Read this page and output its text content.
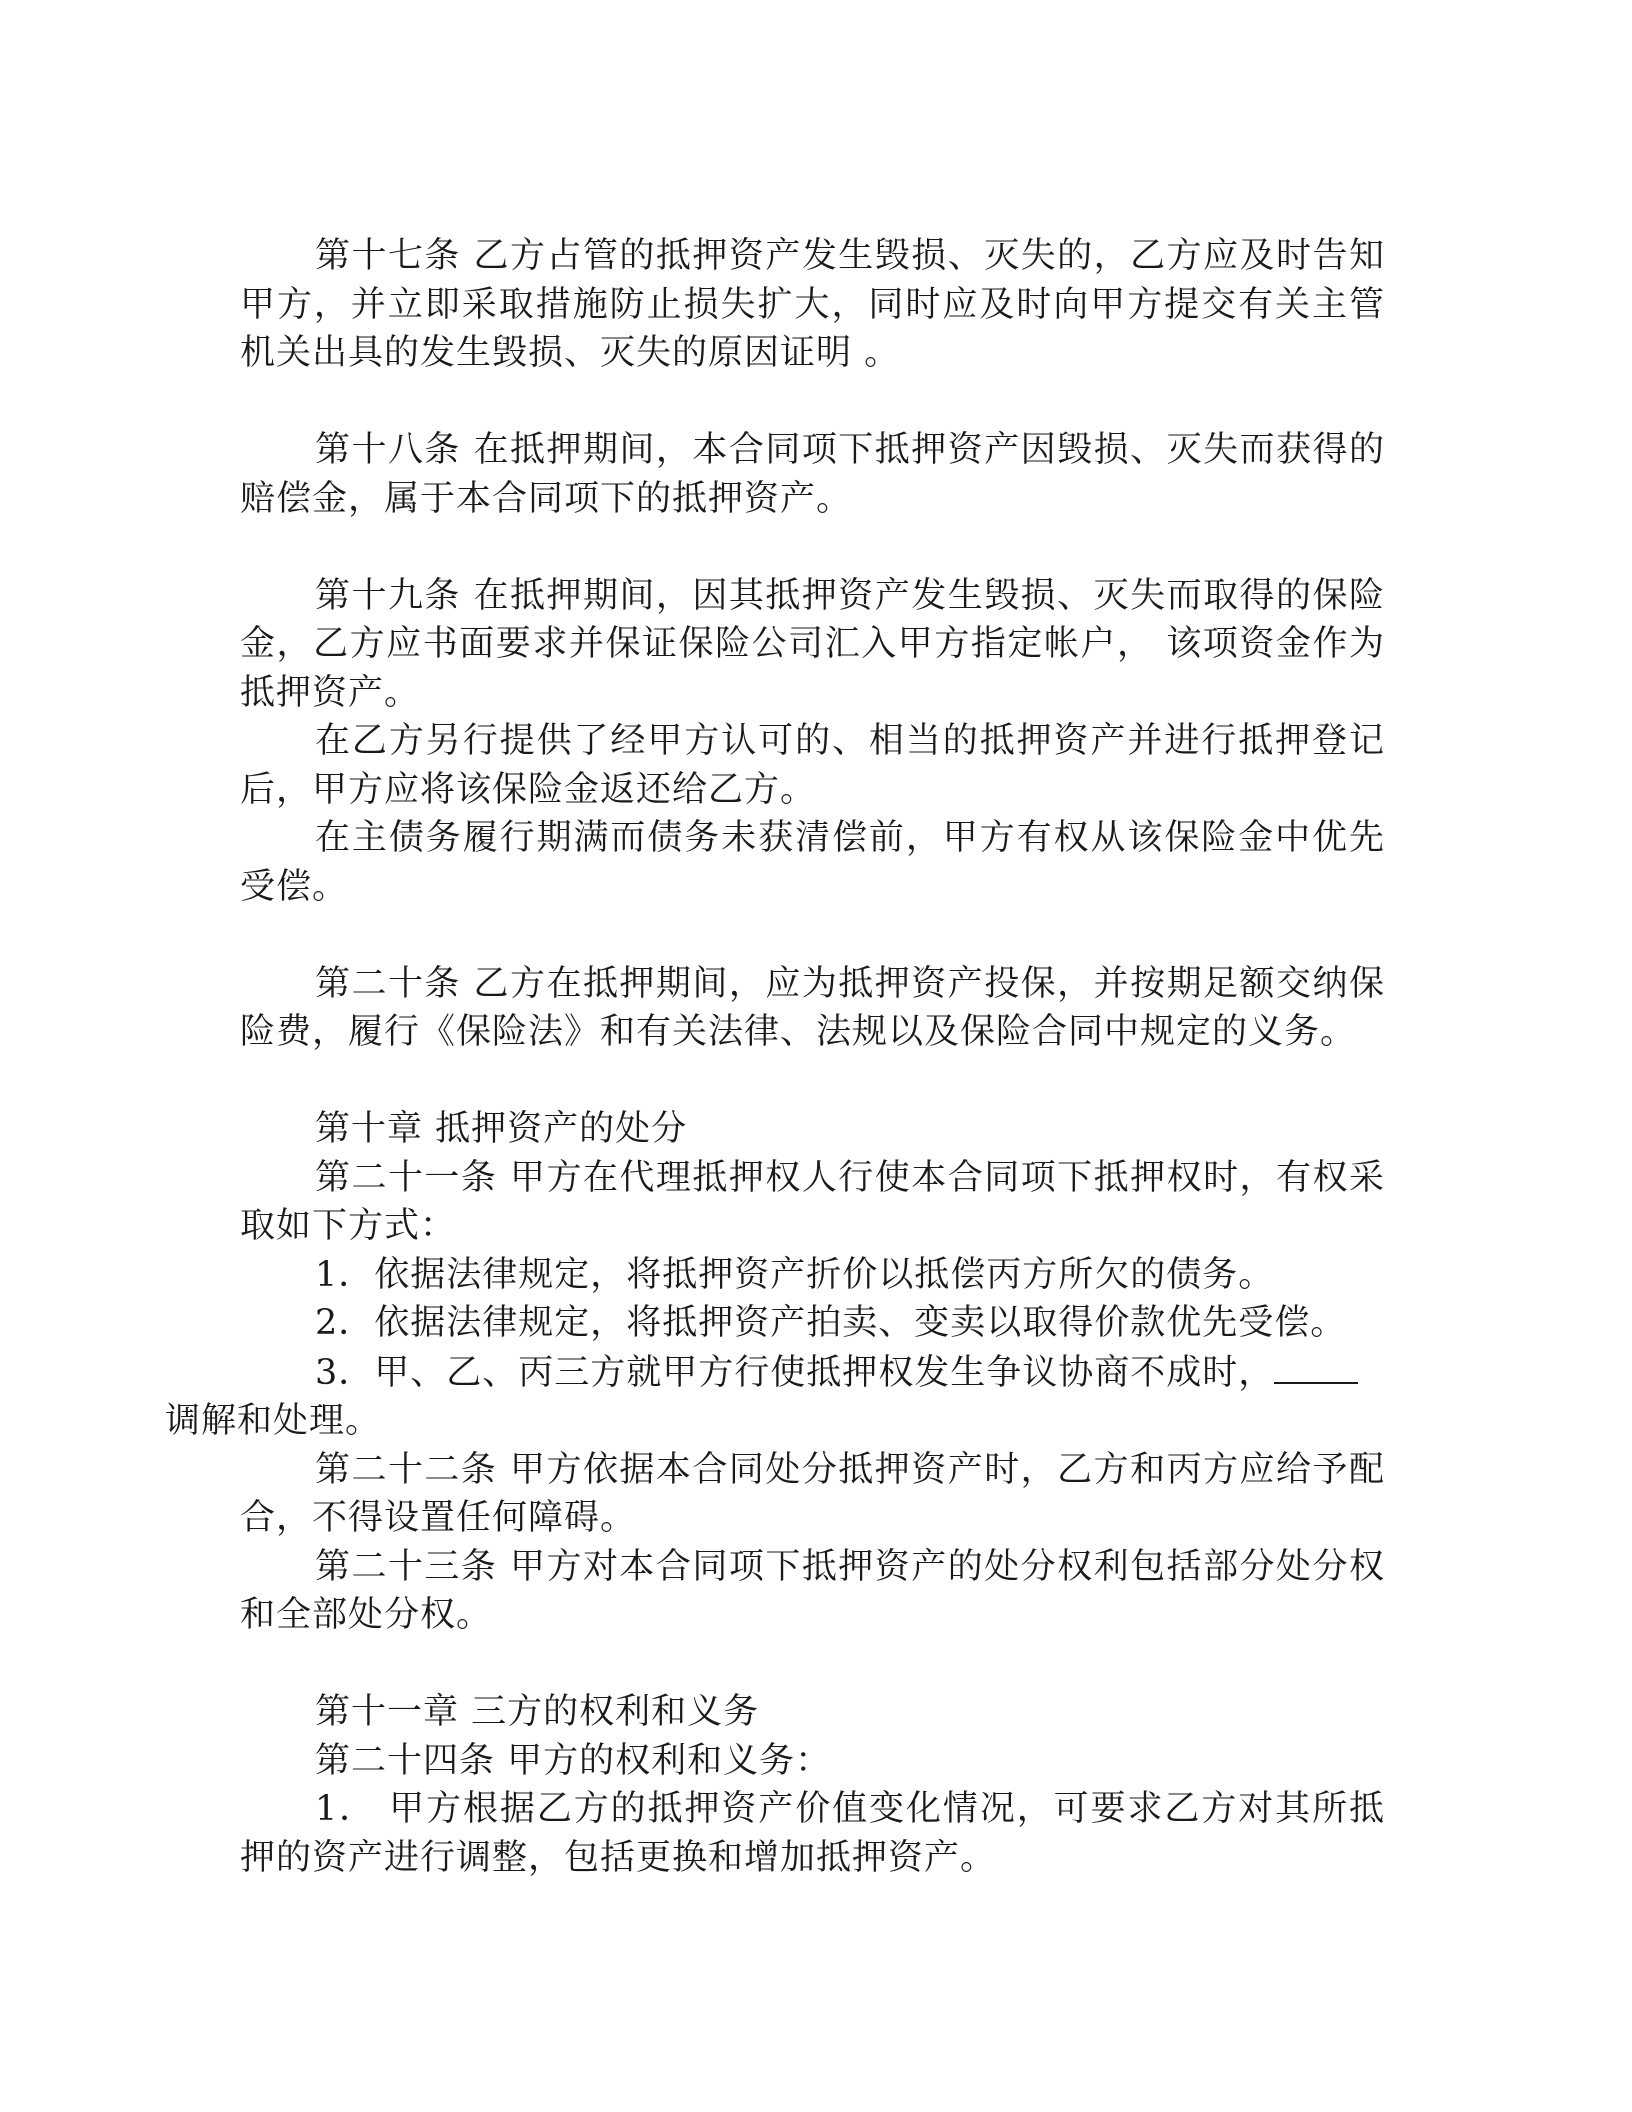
第十七条 乙方占管的抵押资产发生毁损、灭失的，乙方应及时告知甲方，并立即采取措施防止损失扩大，同时应及时向甲方提交有关主管机关出具的发生毁损、灭失的原因证明 。

第十八条 在抵押期间，本合同项下抵押资产因毁损、灭失而获得的赔偿金，属于本合同项下的抵押资产。

第十九条 在抵押期间，因其抵押资产发生毁损、灭失而取得的保险金，乙方应书面要求并保证保险公司汇入甲方指定帐户， 该项资金作为抵押资产。

在乙方另行提供了经甲方认可的、相当的抵押资产并进行抵押登记后，甲方应将该保险金返还给乙方。

在主债务履行期满而债务未获清偿前，甲方有权从该保险金中优先受偿。

第二十条 乙方在抵押期间，应为抵押资产投保，并按期足额交纳保险费，履行《保险法》和有关法律、法规以及保险合同中规定的义务。

第十章 抵押资产的处分

第二十一条 甲方在代理抵押权人行使本合同项下抵押权时，有权采取如下方式：

1．依据法律规定，将抵押资产折价以抵偿丙方所欠的债务。

2．依据法律规定，将抵押资产拍卖、变卖以取得价款优先受偿。

3．甲、乙、丙三方就甲方行使抵押权发生争议协商不成时，
调解和处理。

第二十二条 甲方依据本合同处分抵押资产时，乙方和丙方应给予配合，不得设置任何障碍。

第二十三条 甲方对本合同项下抵押资产的处分权利包括部分处分权和全部处分权。

第十一章 三方的权利和义务

第二十四条 甲方的权利和义务：

1． 甲方根据乙方的抵押资产价值变化情况，可要求乙方对其所抵押的资产进行调整，包括更换和增加抵押资产。
